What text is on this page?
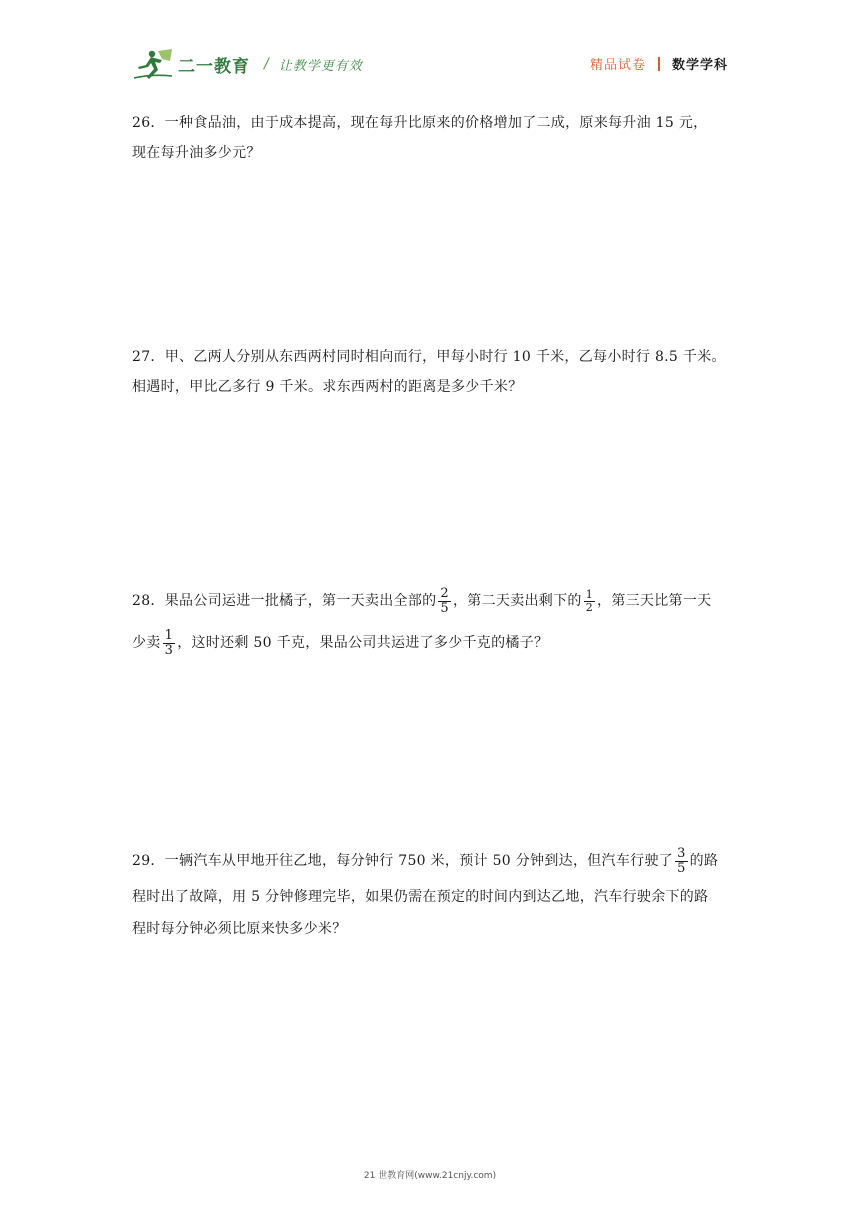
二一教育 / 让教学更有效	精品试卷 数学学科
26．一种食品油，由于成本提高，现在每升比原来的价格增加了二成，原来每升油 15 元，
现在每升油多少元？
27．甲、乙两人分别从东西两村同时相向而行，甲每小时行 10 千米，乙每小时行 8.5 千米。
相遇时，甲比乙多行 9 千米。求东西两村的距离是多少千米？
28．果品公司运进一批橘子，第一天卖出全部的 $\frac{2}{5}$ ，第二天卖出剩下的 $\frac{1}{2}$ ，第三天比第一天
少卖 $\frac{1}{3}$ ，这时还剩 50 千克，果品公司共运进了多少千克的橘子？
29．一辆汽车从甲地开往乙地，每分钟行 750 米，预计 50 分钟到达，但汽车行驶了 $\frac{3}{5}$ 的路
程时出了故障，用 5 分钟修理完毕，如果仍需在预定的时间内到达乙地，汽车行驶余下的路
程时每分钟必须比原来快多少米？
21 世教育网(www.21cnjy.com)
